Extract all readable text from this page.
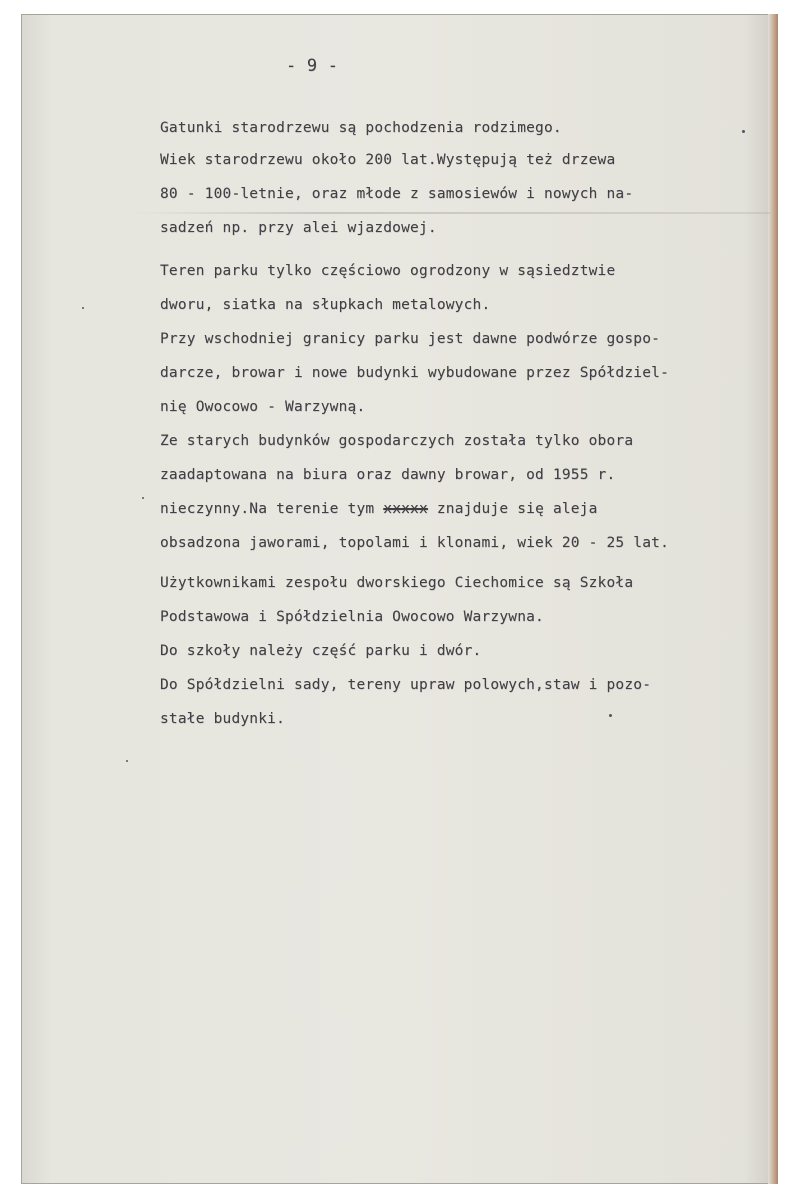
- 9 -
Gatunki starodrzewu są pochodzenia rodzimego.
Wiek starodrzewu około 200 lat.Występują też drzewa
80 - 100-letnie, oraz młode z samosiewów i nowych na-
sadzeń np. przy alei wjazdowej.
Teren parku tylko częściowo ogrodzony w sąsiedztwie
dworu, siatka na słupkach metalowych.
Przy wschodniej granicy parku jest dawne podwórze gospo-
darcze, browar i nowe budynki wybudowane przez Spółdziel-
nię Owocowo - Warzywną.
Ze starych budynków gospodarczych została tylko obora
zaadaptowana na biura oraz dawny browar, od 1955 r.
nieczynny.Na terenie tym xxxxx znajduje się aleja
obsadzona jaworami, topolami i klonami, wiek 20 - 25 lat.
Użytkownikami zespołu dworskiego Ciechomice są Szkoła
Podstawowa i Spółdzielnia Owocowo Warzywna.
Do szkoły należy część parku i dwór.
Do Spółdzielni sady, tereny upraw polowych,staw i pozo-
stałe budynki.
